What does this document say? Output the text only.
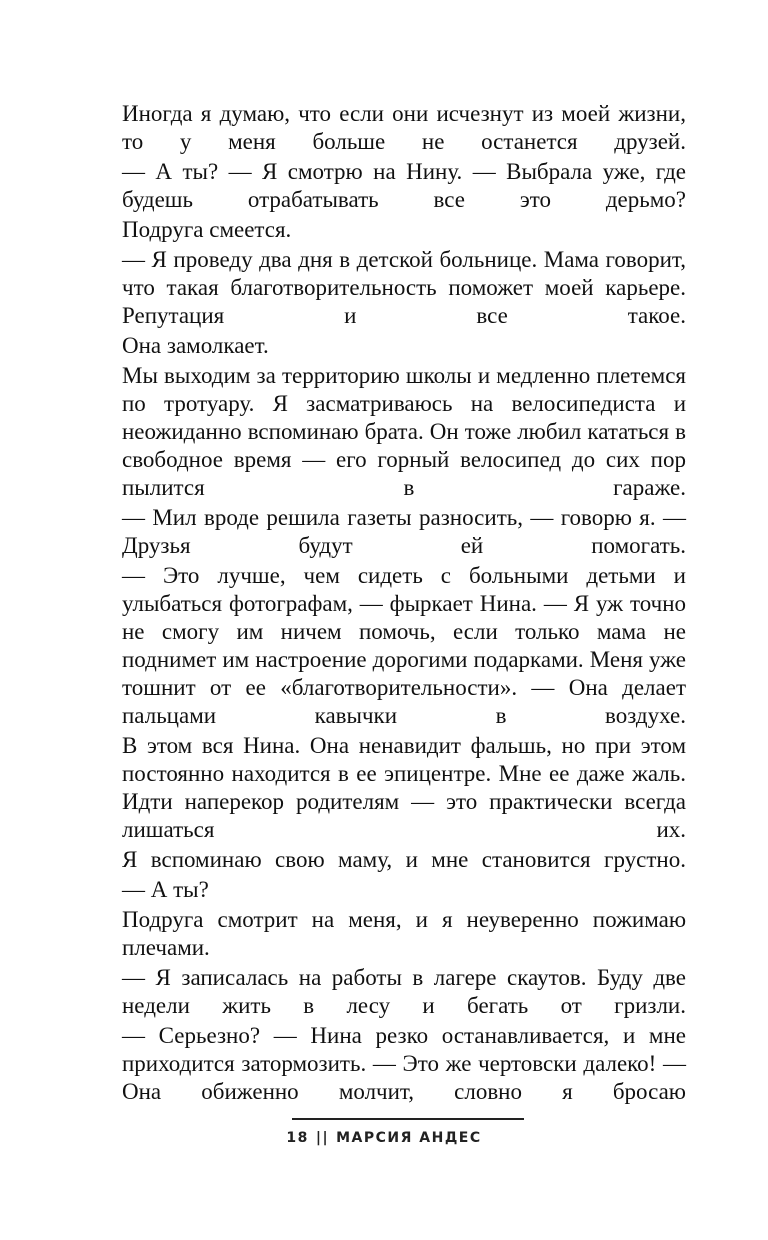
Иногда я думаю, что если они исчезнут из моей жизни, то у меня больше не останется друзей.

— А ты? — Я смотрю на Нину. — Выбрала уже, где будешь отрабатывать все это дерьмо?

Подруга смеется.

— Я проведу два дня в детской больнице. Мама говорит, что такая благотворительность поможет моей карьере. Репутация и все такое.

Она замолкает.

Мы выходим за территорию школы и медленно плетемся по тротуару. Я засматриваюсь на велосипедиста и неожиданно вспоминаю брата. Он тоже любил кататься в свободное время — его горный велосипед до сих пор пылится в гараже.

— Мил вроде решила газеты разносить, — говорю я. — Друзья будут ей помогать.

— Это лучше, чем сидеть с больными детьми и улыбаться фотографам, — фыркает Нина. — Я уж точно не смогу им ничем помочь, если только мама не поднимет им настроение дорогими подарками. Меня уже тошнит от ее «благотворительности». — Она делает пальцами кавычки в воздухе.

В этом вся Нина. Она ненавидит фальшь, но при этом постоянно находится в ее эпицентре. Мне ее даже жаль. Идти наперекор родителям — это практически всегда лишаться их.

Я вспоминаю свою маму, и мне становится грустно.

— А ты?

Подруга смотрит на меня, и я неуверенно пожимаю плечами.

— Я записалась на работы в лагере скаутов. Буду две недели жить в лесу и бегать от гризли.

— Серьезно? — Нина резко останавливается, и мне приходится затормозить. — Это же чертовски далеко! — Она обиженно молчит, словно я бросаю

18 || МАРСИЯ АНДЕС
